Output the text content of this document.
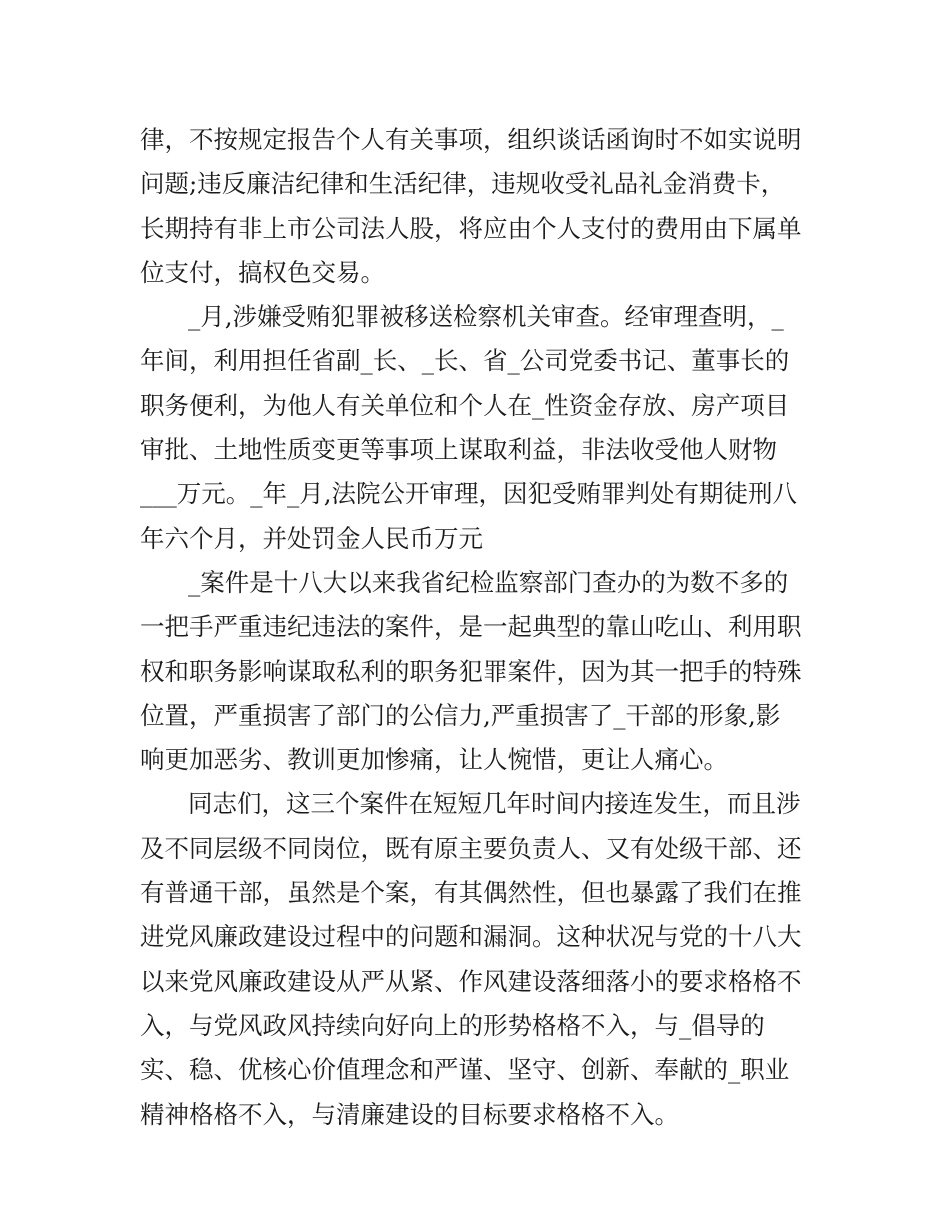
律，不按规定报告个人有关事项，组织谈话函询时不如实说明
问题;违反廉洁纪律和生活纪律，违规收受礼品礼金消费卡，
长期持有非上市公司法人股，将应由个人支付的费用由下属单
位支付，搞权色交易。
_月,涉嫌受贿犯罪被移送检察机关审查。经审理查明，_
年间，利用担任省副_长、_长、省_公司党委书记、董事长的
职务便利，为他人有关单位和个人在_性资金存放、房产项目
审批、土地性质变更等事项上谋取利益，非法收受他人财物
___万元。_年_月,法院公开审理，因犯受贿罪判处有期徒刑八
年六个月，并处罚金人民币万元
_案件是十八大以来我省纪检监察部门查办的为数不多的
一把手严重违纪违法的案件，是一起典型的靠山吃山、利用职
权和职务影响谋取私利的职务犯罪案件，因为其一把手的特殊
位置，严重损害了部门的公信力,严重损害了_干部的形象,影
响更加恶劣、教训更加惨痛，让人惋惜，更让人痛心。
同志们，这三个案件在短短几年时间内接连发生，而且涉
及不同层级不同岗位，既有原主要负责人、又有处级干部、还
有普通干部，虽然是个案，有其偶然性，但也暴露了我们在推
进党风廉政建设过程中的问题和漏洞。这种状况与党的十八大
以来党风廉政建设从严从紧、作风建设落细落小的要求格格不
入，与党风政风持续向好向上的形势格格不入，与_倡导的
实、稳、优核心价值理念和严谨、坚守、创新、奉献的_职业
精神格格不入，与清廉建设的目标要求格格不入。
